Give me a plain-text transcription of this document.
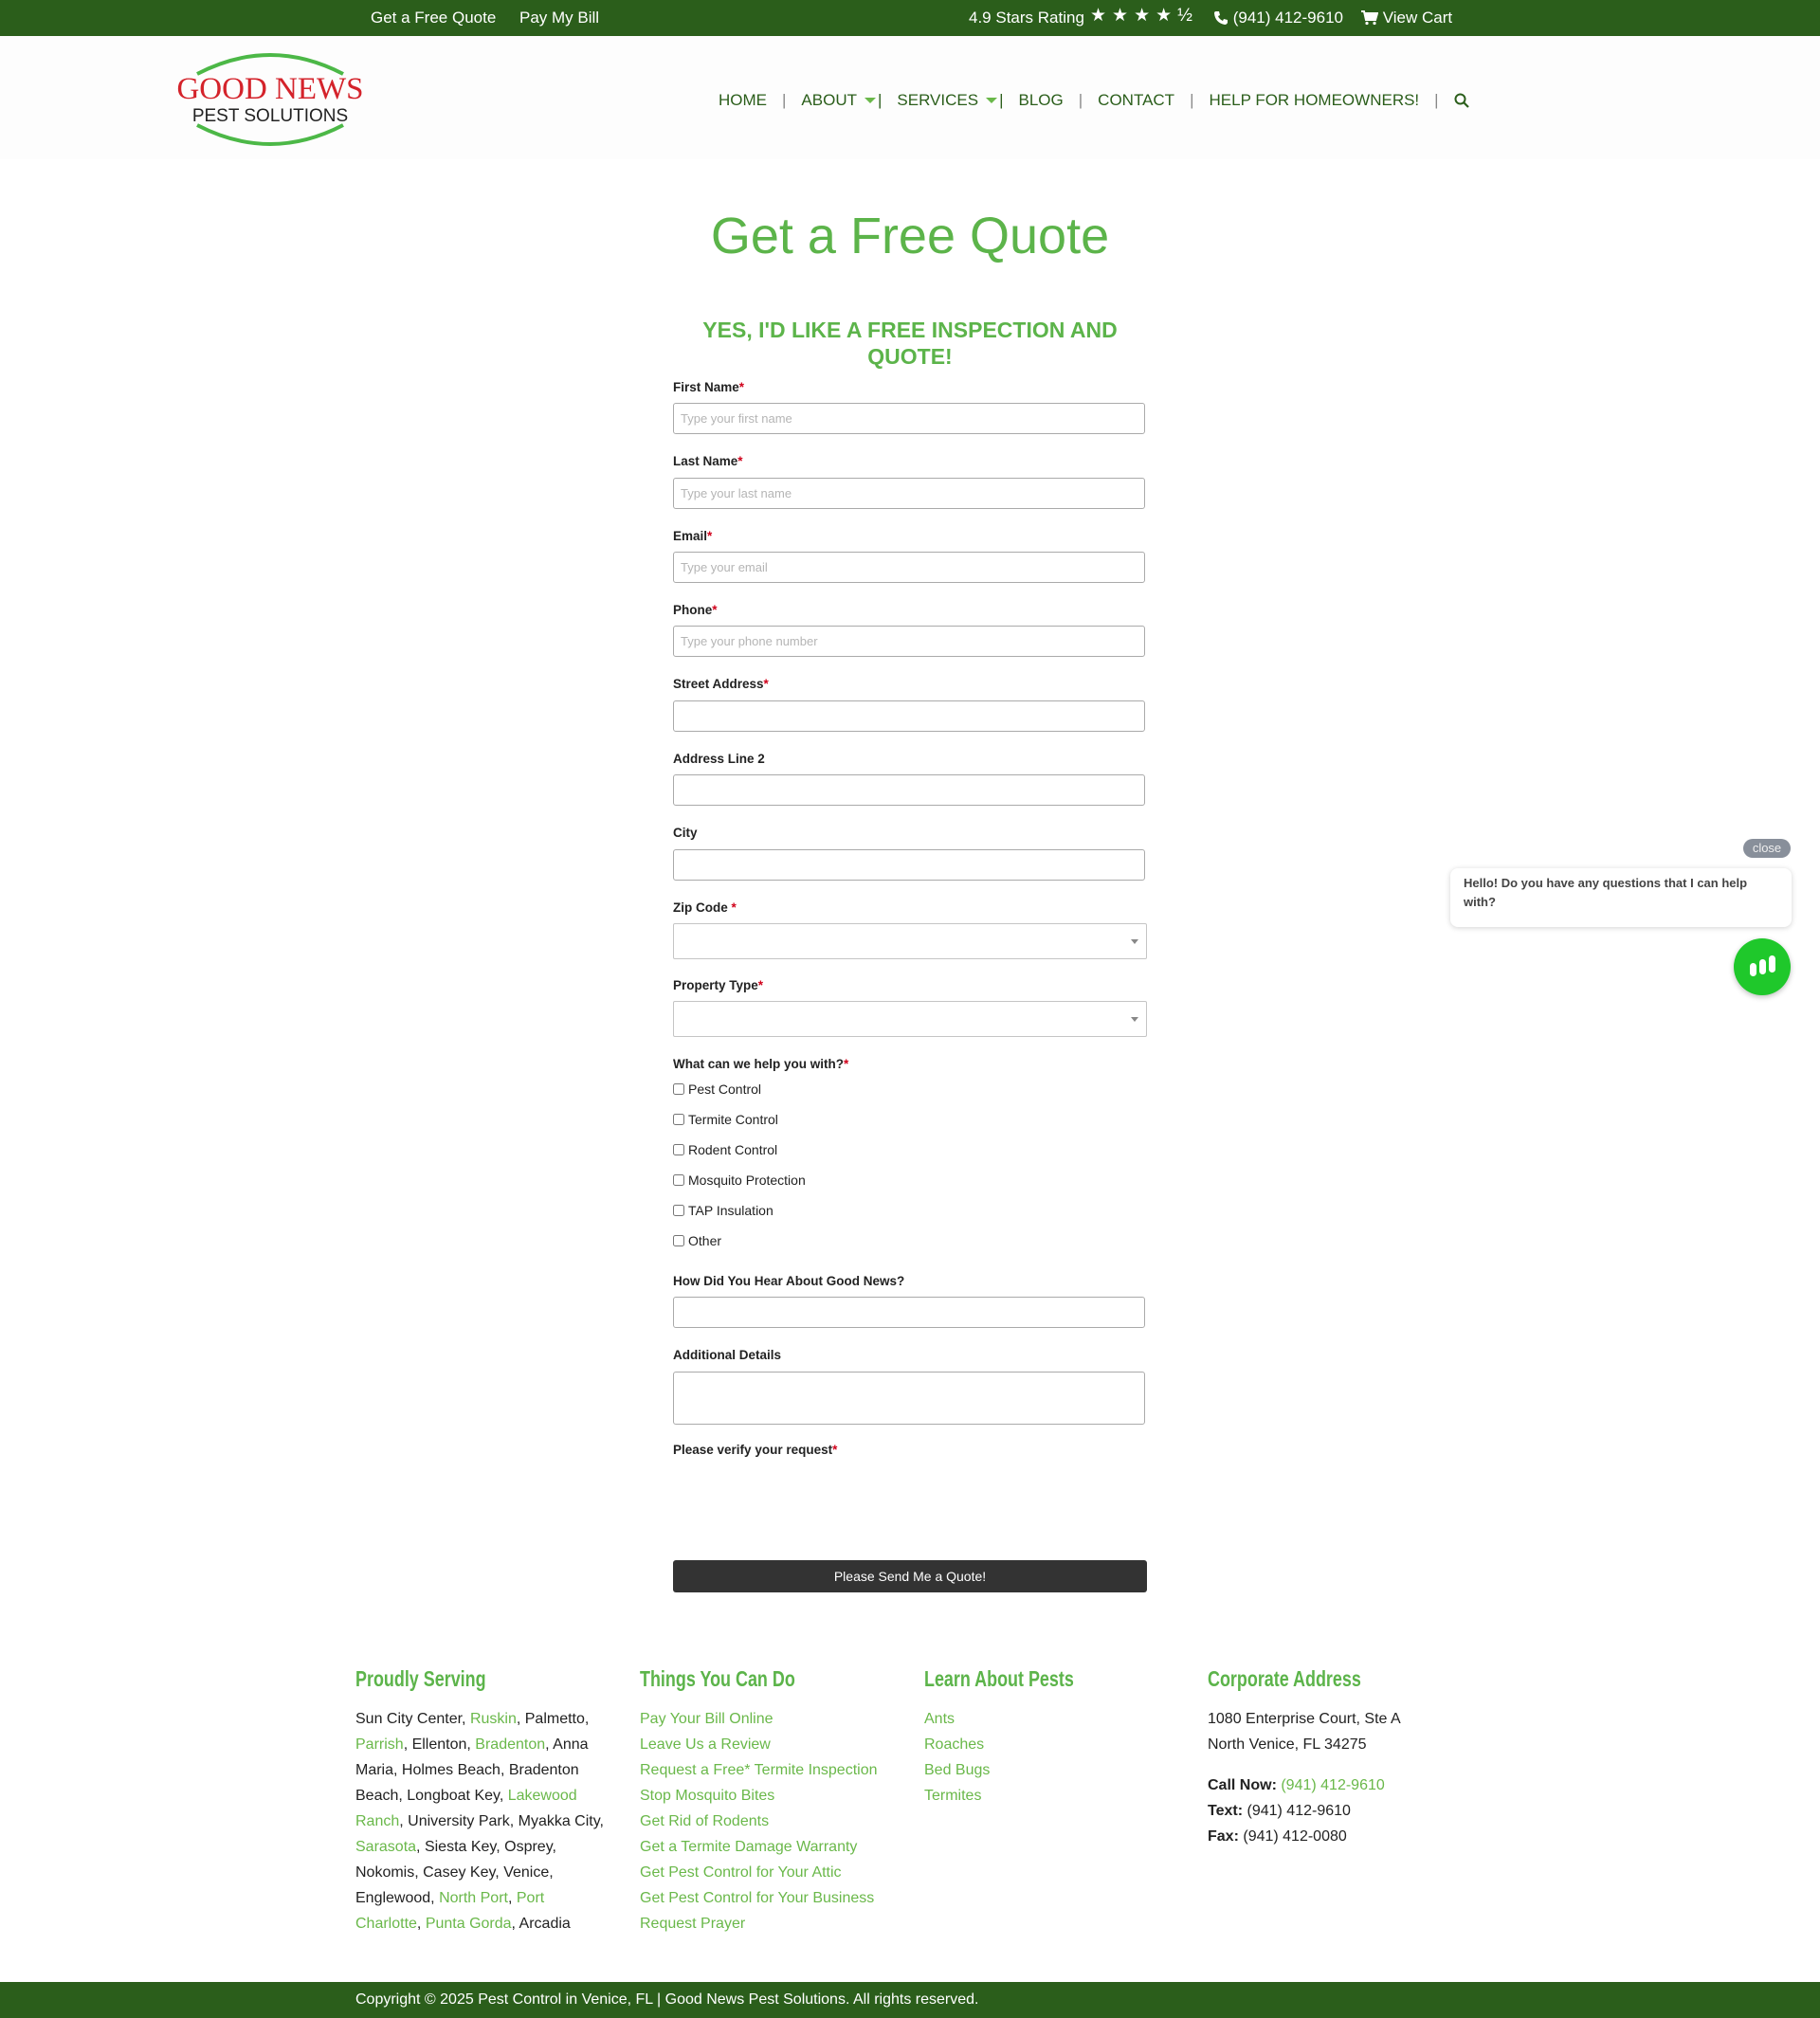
Get a Free Quote Pay My Bill	4.9 Stars Rating ★★★★½	(941) 412-9610	View Cart
GOOD NEWS
PEST SOLUTIONS
HOME | ABOUT | SERVICES | BLOG | CONTACT | HELP FOR HOMEOWNERS! |
Get a Free Quote
YES, I'D LIKE A FREE INSPECTION AND QUOTE!
First Name*
Type your first name
Last Name*
Type your last name
Email*
Type your email
Phone*
Type your phone number
Street Address*
Address Line 2
City
Zip Code *
Property Type*
What can we help you with?*
Pest Control
Termite Control
Rodent Control
Mosquito Protection
TAP Insulation
Other
How Did You Hear About Good News?
Additional Details
Please verify your request*
Please Send Me a Quote!
close
Hello! Do you have any questions that I can help with?
Proudly Serving
Sun City Center, Ruskin, Palmetto, Parrish, Ellenton, Bradenton, Anna Maria, Holmes Beach, Bradenton Beach, Longboat Key, Lakewood Ranch, University Park, Myakka City, Sarasota, Siesta Key, Osprey, Nokomis, Casey Key, Venice, Englewood, North Port, Port Charlotte, Punta Gorda, Arcadia
Things You Can Do
Pay Your Bill Online
Leave Us a Review
Request a Free* Termite Inspection
Stop Mosquito Bites
Get Rid of Rodents
Get a Termite Damage Warranty
Get Pest Control for Your Attic
Get Pest Control for Your Business
Request Prayer
Learn About Pests
Ants
Roaches
Bed Bugs
Termites
Corporate Address
1080 Enterprise Court, Ste A
North Venice, FL 34275
Call Now: (941) 412-9610
Text: (941) 412-9610
Fax: (941) 412-0080
Copyright © 2025 Pest Control in Venice, FL | Good News Pest Solutions. All rights reserved.
